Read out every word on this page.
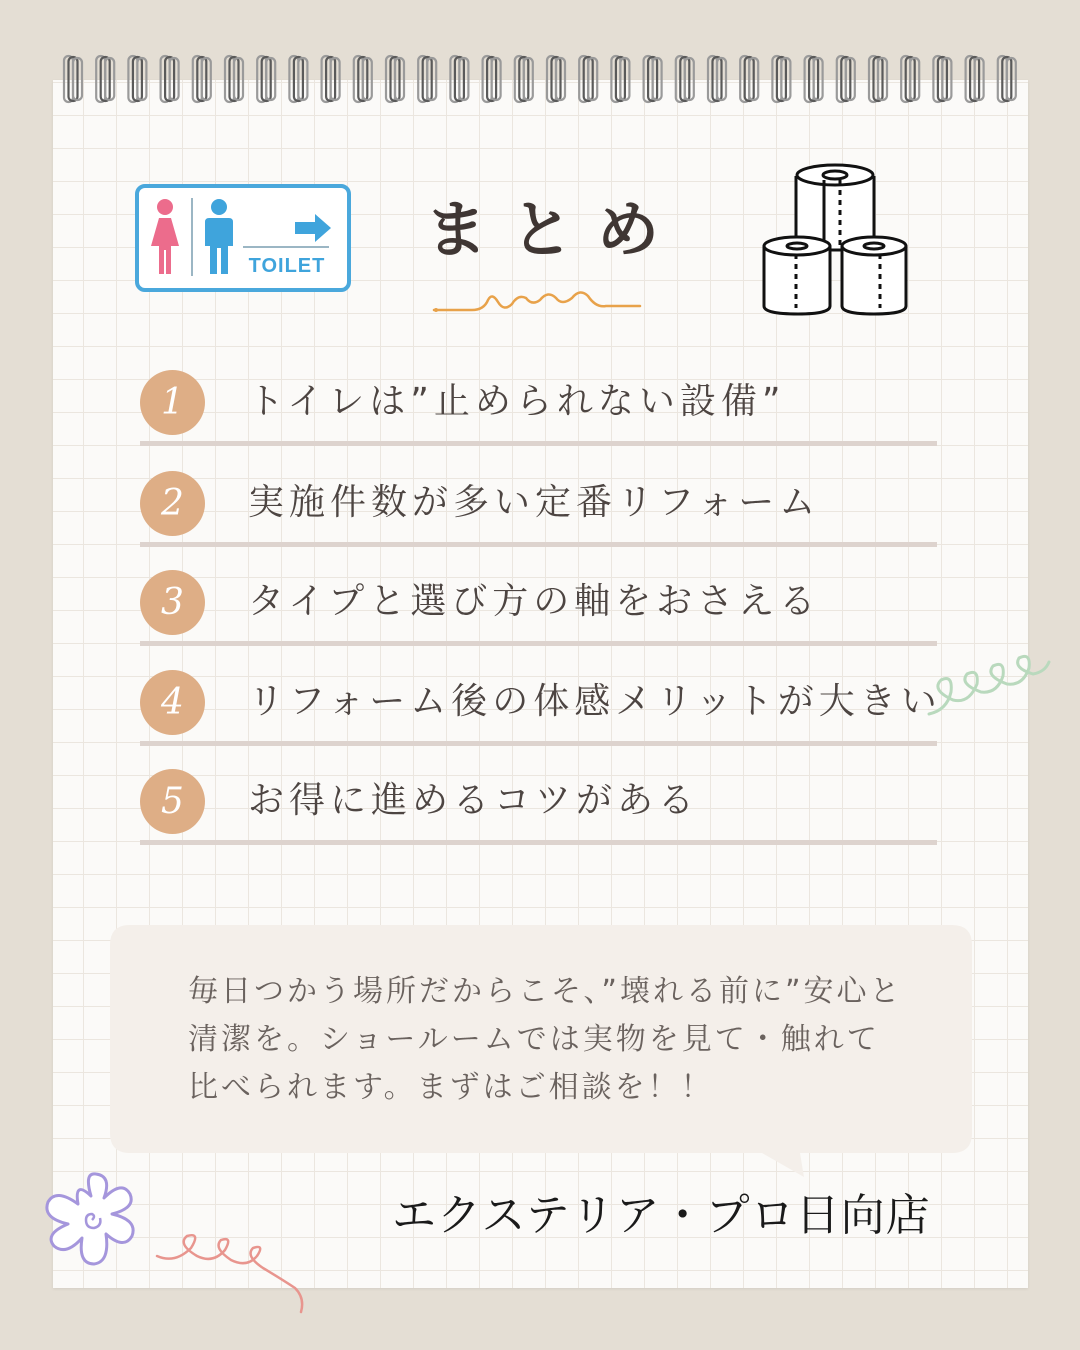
TOILET まとめ
1	トイレは”止められない設備”
2	実施件数が多い定番リフォーム
3	タイプと選び方の軸をおさえる
4	リフォーム後の体感メリットが大きい
5	お得に進めるコツがある
毎日つかう場所だからこそ、”壊れる前に”安心と清潔を。ショールームでは実物を見て・触れて比べられます。まずはご相談を！！
エクステリア・プロ日向店
